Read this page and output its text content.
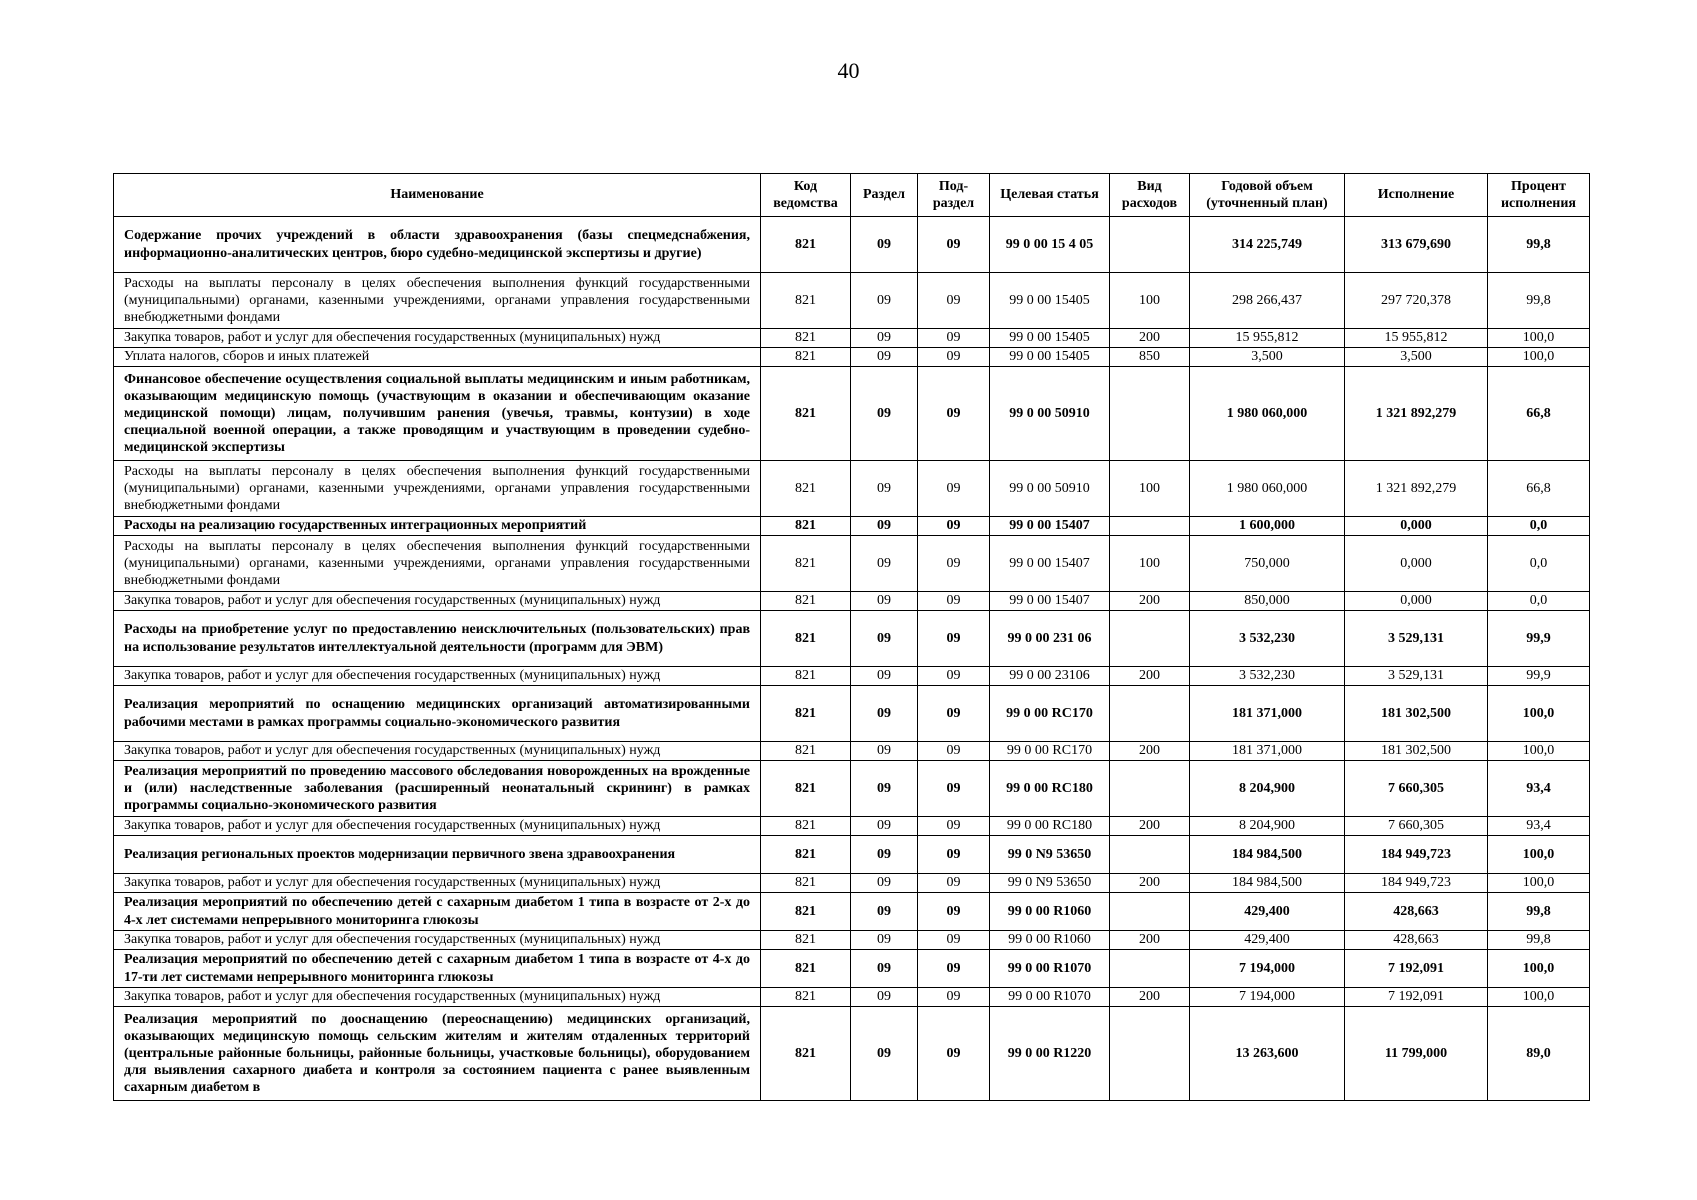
40
Наименование	Код ведомства	Раздел	Под-раздел	Целевая статья	Вид расходов	Годовой объем (уточненный план)	Исполнение	Процент исполнения
Содержание прочих учреждений в области здравоохранения (базы спецмедснабжения, информационно-аналитических центров, бюро судебно-медицинской экспертизы и другие)	821	09	09	99 0 00 15 4 05		314 225,749	313 679,690	99,8
Расходы на выплаты персоналу в целях обеспечения выполнения функций государственными (муниципальными) органами, казенными учреждениями, органами управления государственными внебюджетными фондами	821	09	09	99 0 00 15405	100	298 266,437	297 720,378	99,8
Закупка товаров, работ и услуг для обеспечения государственных (муниципальных) нужд	821	09	09	99 0 00 15405	200	15 955,812	15 955,812	100,0
Уплата налогов, сборов и иных платежей	821	09	09	99 0 00 15405	850	3,500	3,500	100,0
Финансовое обеспечение осуществления социальной выплаты медицинским и иным работникам, оказывающим медицинскую помощь (участвующим в оказании и обеспечивающим оказание медицинской помощи) лицам, получившим ранения (увечья, травмы, контузии) в ходе специальной военной операции, а также проводящим и участвующим в проведении судебно-медицинской экспертизы	821	09	09	99 0 00 50910		1 980 060,000	1 321 892,279	66,8
Расходы на выплаты персоналу в целях обеспечения выполнения функций государственными (муниципальными) органами, казенными учреждениями, органами управления государственными внебюджетными фондами	821	09	09	99 0 00 50910	100	1 980 060,000	1 321 892,279	66,8
Расходы на реализацию государственных интеграционных мероприятий	821	09	09	99 0 00 15407		1 600,000	0,000	0,0
Расходы на выплаты персоналу в целях обеспечения выполнения функций государственными (муниципальными) органами, казенными учреждениями, органами управления государственными внебюджетными фондами	821	09	09	99 0 00 15407	100	750,000	0,000	0,0
Закупка товаров, работ и услуг для обеспечения государственных (муниципальных) нужд	821	09	09	99 0 00 15407	200	850,000	0,000	0,0
Расходы на приобретение услуг по предоставлению неисключительных (пользовательских) прав на использование результатов интеллектуальной деятельности (программ для ЭВМ)	821	09	09	99 0 00 231 06		3 532,230	3 529,131	99,9
Закупка товаров, работ и услуг для обеспечения государственных (муниципальных) нужд	821	09	09	99 0 00 23106	200	3 532,230	3 529,131	99,9
Реализация мероприятий по оснащению медицинских организаций автоматизированными рабочими местами в рамках программы социально-экономического развития	821	09	09	99 0 00 RC170		181 371,000	181 302,500	100,0
Закупка товаров, работ и услуг для обеспечения государственных (муниципальных) нужд	821	09	09	99 0 00 RC170	200	181 371,000	181 302,500	100,0
Реализация мероприятий по проведению массового обследования новорожденных на врожденные и (или) наследственные заболевания (расширенный неонатальный скрининг) в рамках программы социально-экономического развития	821	09	09	99 0 00 RC180		8 204,900	7 660,305	93,4
Закупка товаров, работ и услуг для обеспечения государственных (муниципальных) нужд	821	09	09	99 0 00 RC180	200	8 204,900	7 660,305	93,4
Реализация региональных проектов модернизации первичного звена здравоохранения	821	09	09	99 0 N9 53650		184 984,500	184 949,723	100,0
Закупка товаров, работ и услуг для обеспечения государственных (муниципальных) нужд	821	09	09	99 0 N9 53650	200	184 984,500	184 949,723	100,0
Реализация мероприятий по обеспечению детей с сахарным диабетом 1 типа в возрасте от 2-х до 4-х лет системами непрерывного мониторинга глюкозы	821	09	09	99 0 00 R1060		429,400	428,663	99,8
Закупка товаров, работ и услуг для обеспечения государственных (муниципальных) нужд	821	09	09	99 0 00 R1060	200	429,400	428,663	99,8
Реализация мероприятий по обеспечению детей с сахарным диабетом 1 типа в возрасте от 4-х до 17-ти лет системами непрерывного мониторинга глюкозы	821	09	09	99 0 00 R1070		7 194,000	7 192,091	100,0
Закупка товаров, работ и услуг для обеспечения государственных (муниципальных) нужд	821	09	09	99 0 00 R1070	200	7 194,000	7 192,091	100,0
Реализация мероприятий по дооснащению (переоснащению) медицинских организаций, оказывающих медицинскую помощь сельским жителям и жителям отдаленных территорий (центральные районные больницы, районные больницы, участковые больницы), оборудованием для выявления сахарного диабета и контроля за состоянием пациента с ранее выявленным сахарным диабетом в	821	09	09	99 0 00 R1220		13 263,600	11 799,000	89,0
